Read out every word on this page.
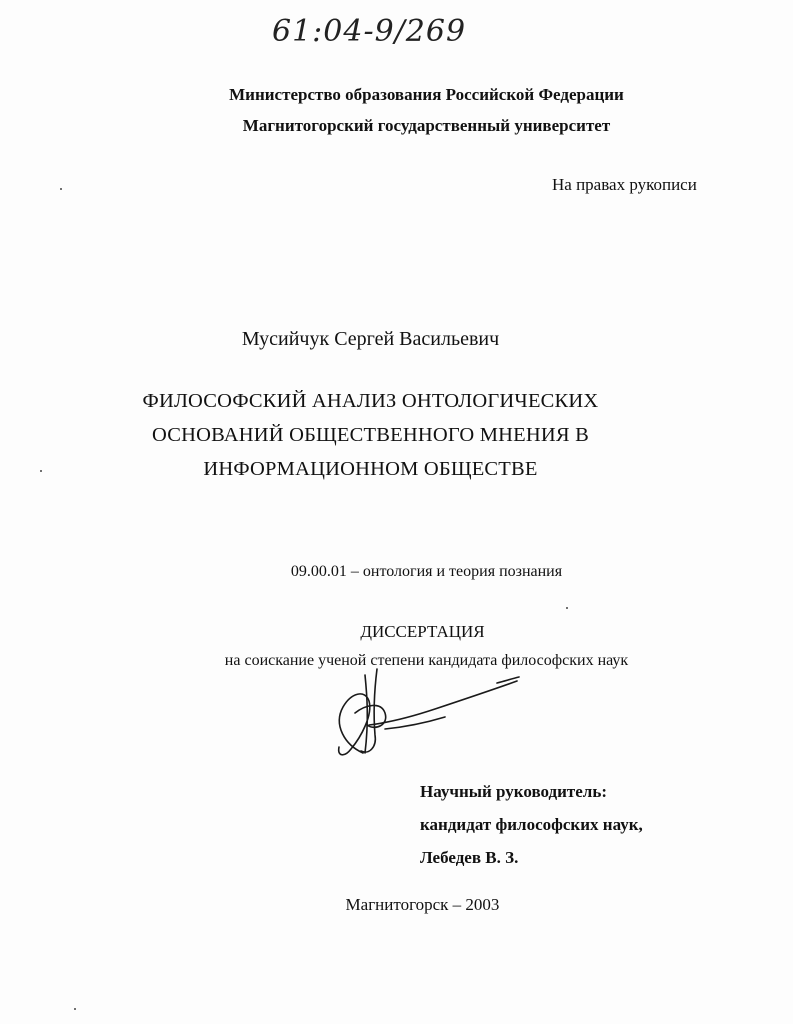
61:04-9/269
Министерство образования Российской Федерации
Магнитогорский государственный университет
На правах рукописи
Мусийчук Сергей Васильевич
ФИЛОСОФСКИЙ АНАЛИЗ ОНТОЛОГИЧЕСКИХ
ОСНОВАНИЙ ОБЩЕСТВЕННОГО МНЕНИЯ В
ИНФОРМАЦИОННОМ ОБЩЕСТВЕ
09.00.01 – онтология и теория познания
ДИССЕРТАЦИЯ
на соискание ученой степени кандидата философских наук
Научный руководитель:
кандидат философских наук,
Лебедев В. З.
Магнитогорск – 2003
